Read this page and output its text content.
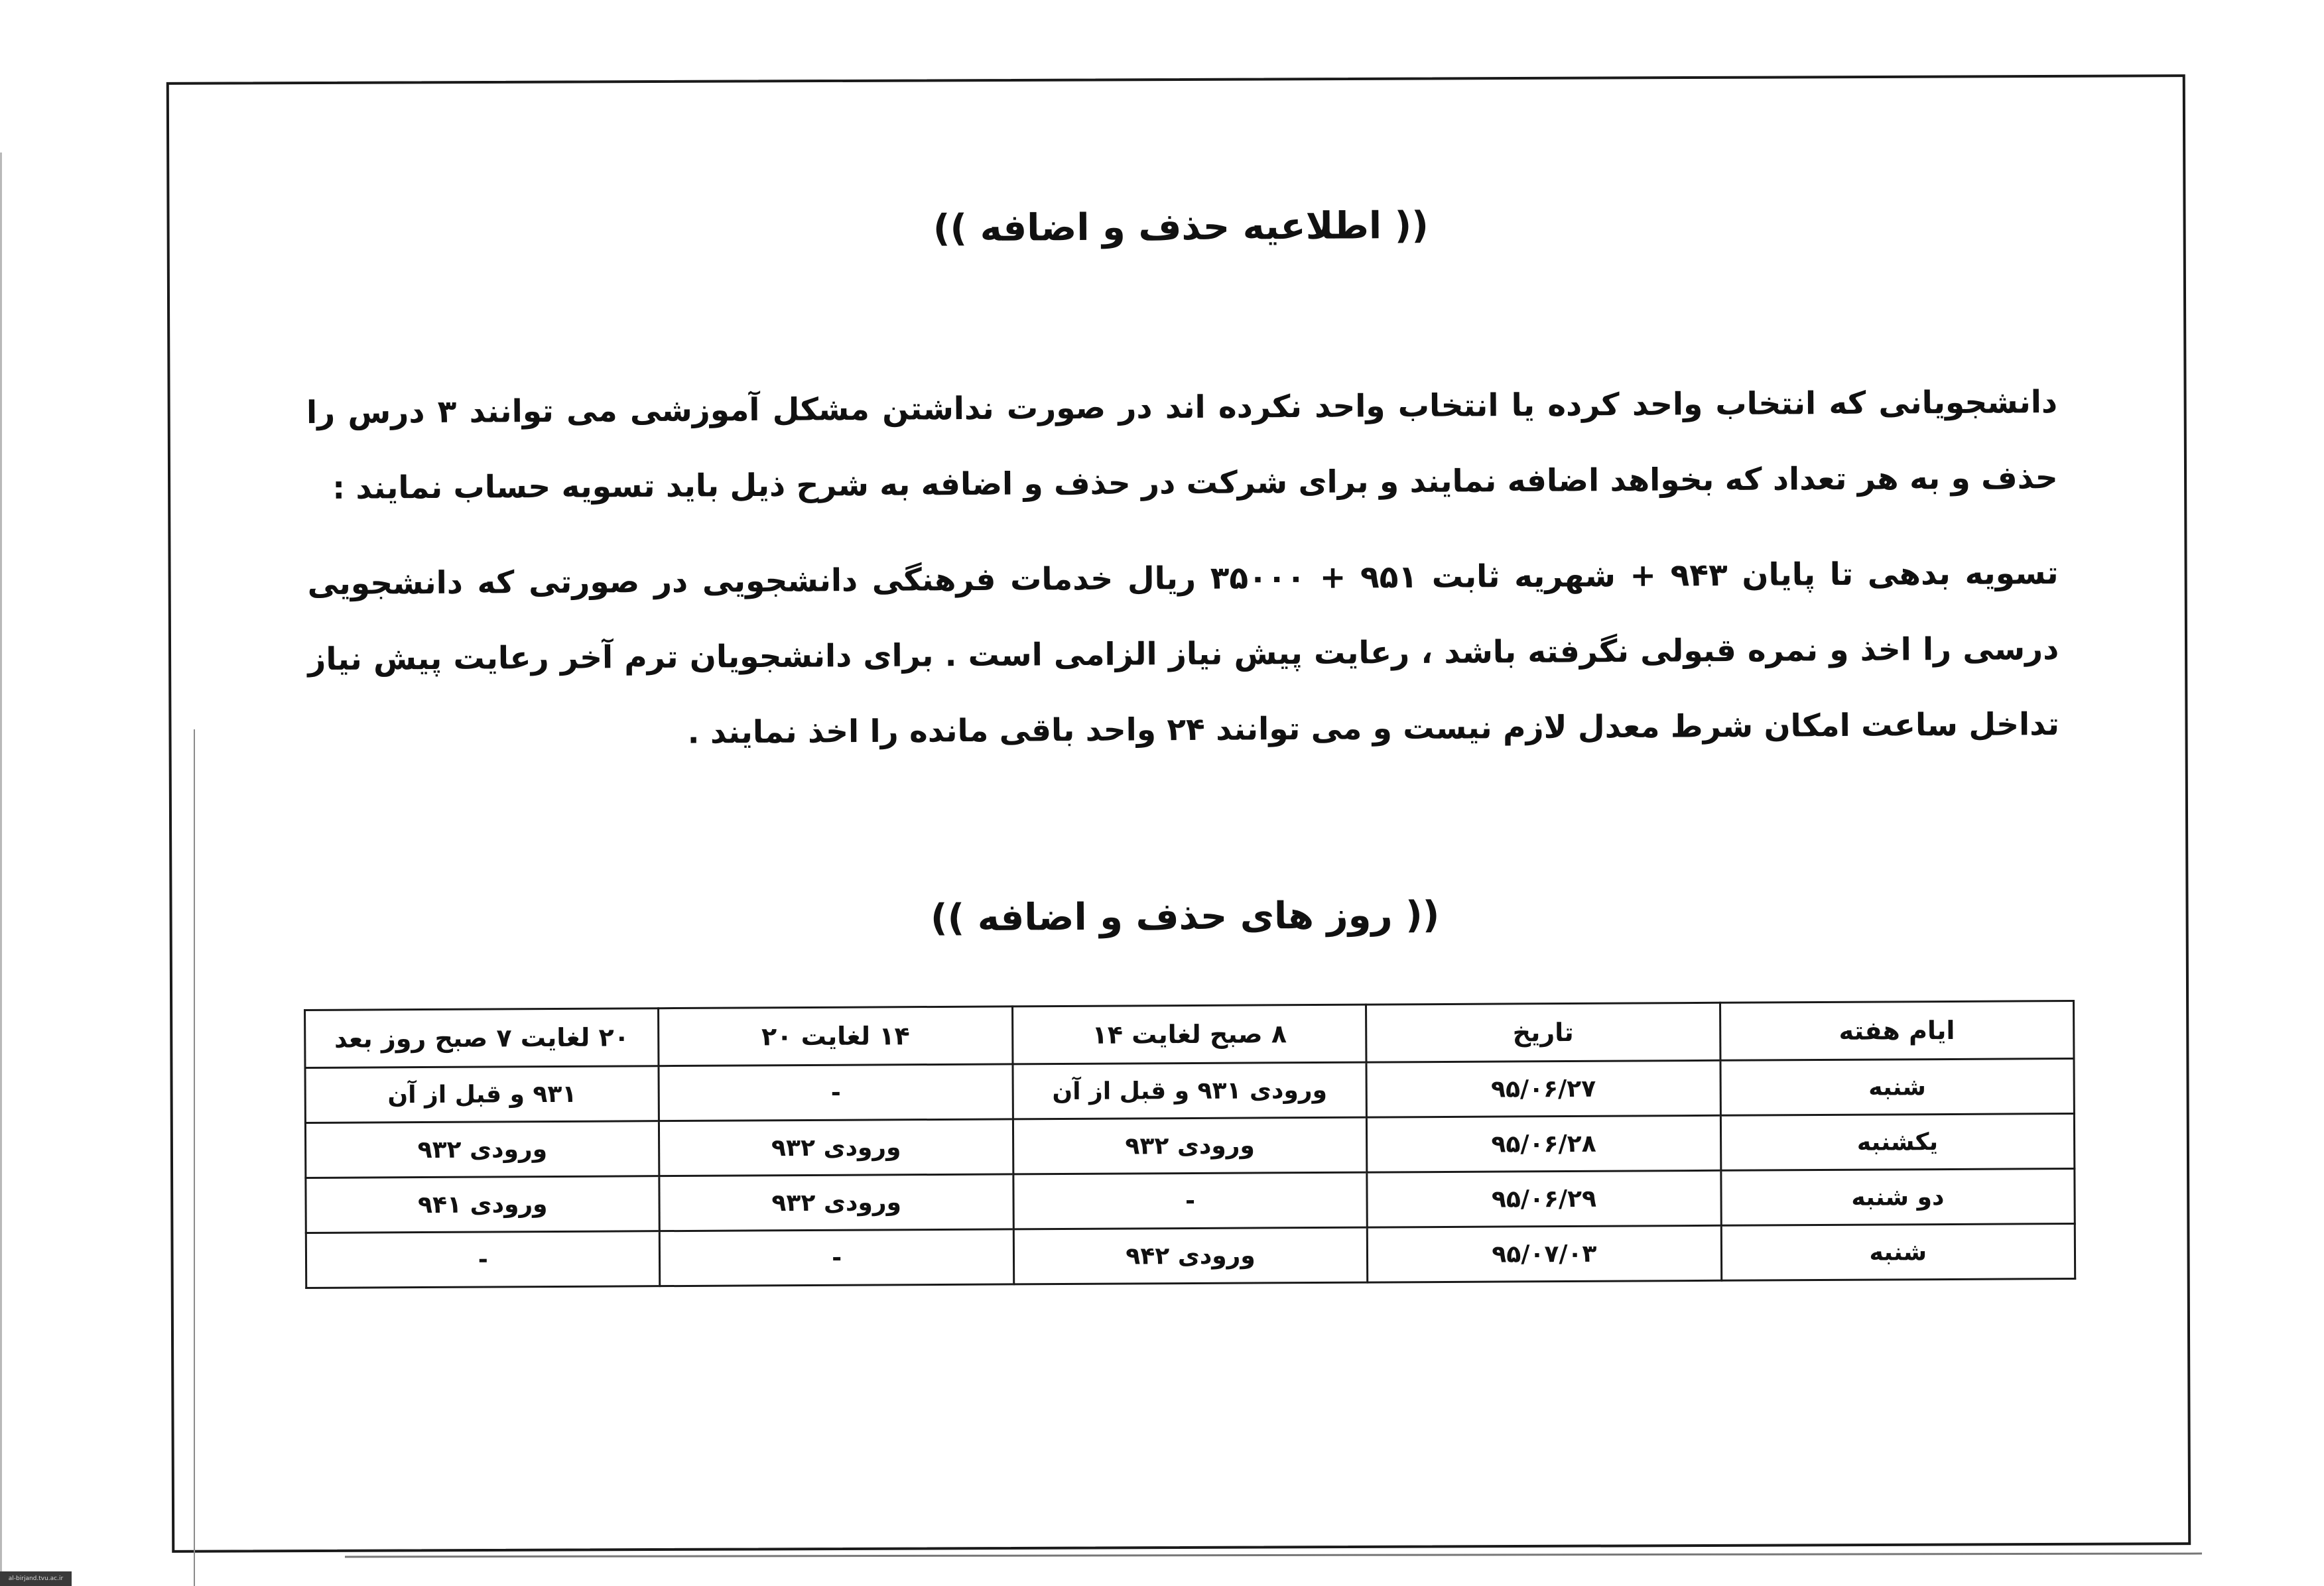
(( اطلاعیه حذف و اضافه ))

دانشجویانی که انتخاب واحد کرده یا انتخاب واحد نکرده اند در صورت نداشتن مشکل آموزشی می توانند ۳ درس را حذف و به هر تعداد که بخواهد اضافه نمایند و برای شرکت در حذف و اضافه به شرح ذیل باید تسویه حساب نمایند :

تسویه بدهی تا پایان ۹۴۳ + شهریه ثابت ۹۵۱ + ۳۵۰۰۰ ریال خدمات فرهنگی دانشجویی در صورتی که دانشجویی درسی را اخذ و نمره قبولی نگرفته باشد ، رعایت پیش نیاز الزامی است . برای دانشجویان ترم آخر رعایت پیش نیاز تداخل ساعت امکان شرط معدل لازم نیست و می توانند ۲۴ واحد باقی مانده را اخذ نمایند .

(( روز های حذف و اضافه ))
ایام هفته	تاریخ	۸ صبح لغایت ۱۴	۱۴ لغایت ۲۰	۲۰ لغایت ۷ صبح روز بعد
شنبه	۹۵/۰۶/۲۷	ورودی ۹۳۱ و قبل از آن	-	۹۳۱ و قبل از آن
یکشنبه	۹۵/۰۶/۲۸	ورودی ۹۳۲	ورودی ۹۳۲	ورودی ۹۳۲
دو شنبه	۹۵/۰۶/۲۹	-	ورودی ۹۳۲	ورودی ۹۴۱
شنبه	۹۵/۰۷/۰۳	ورودی ۹۴۲	-	-
al-birjand.tvu.ac.ir
